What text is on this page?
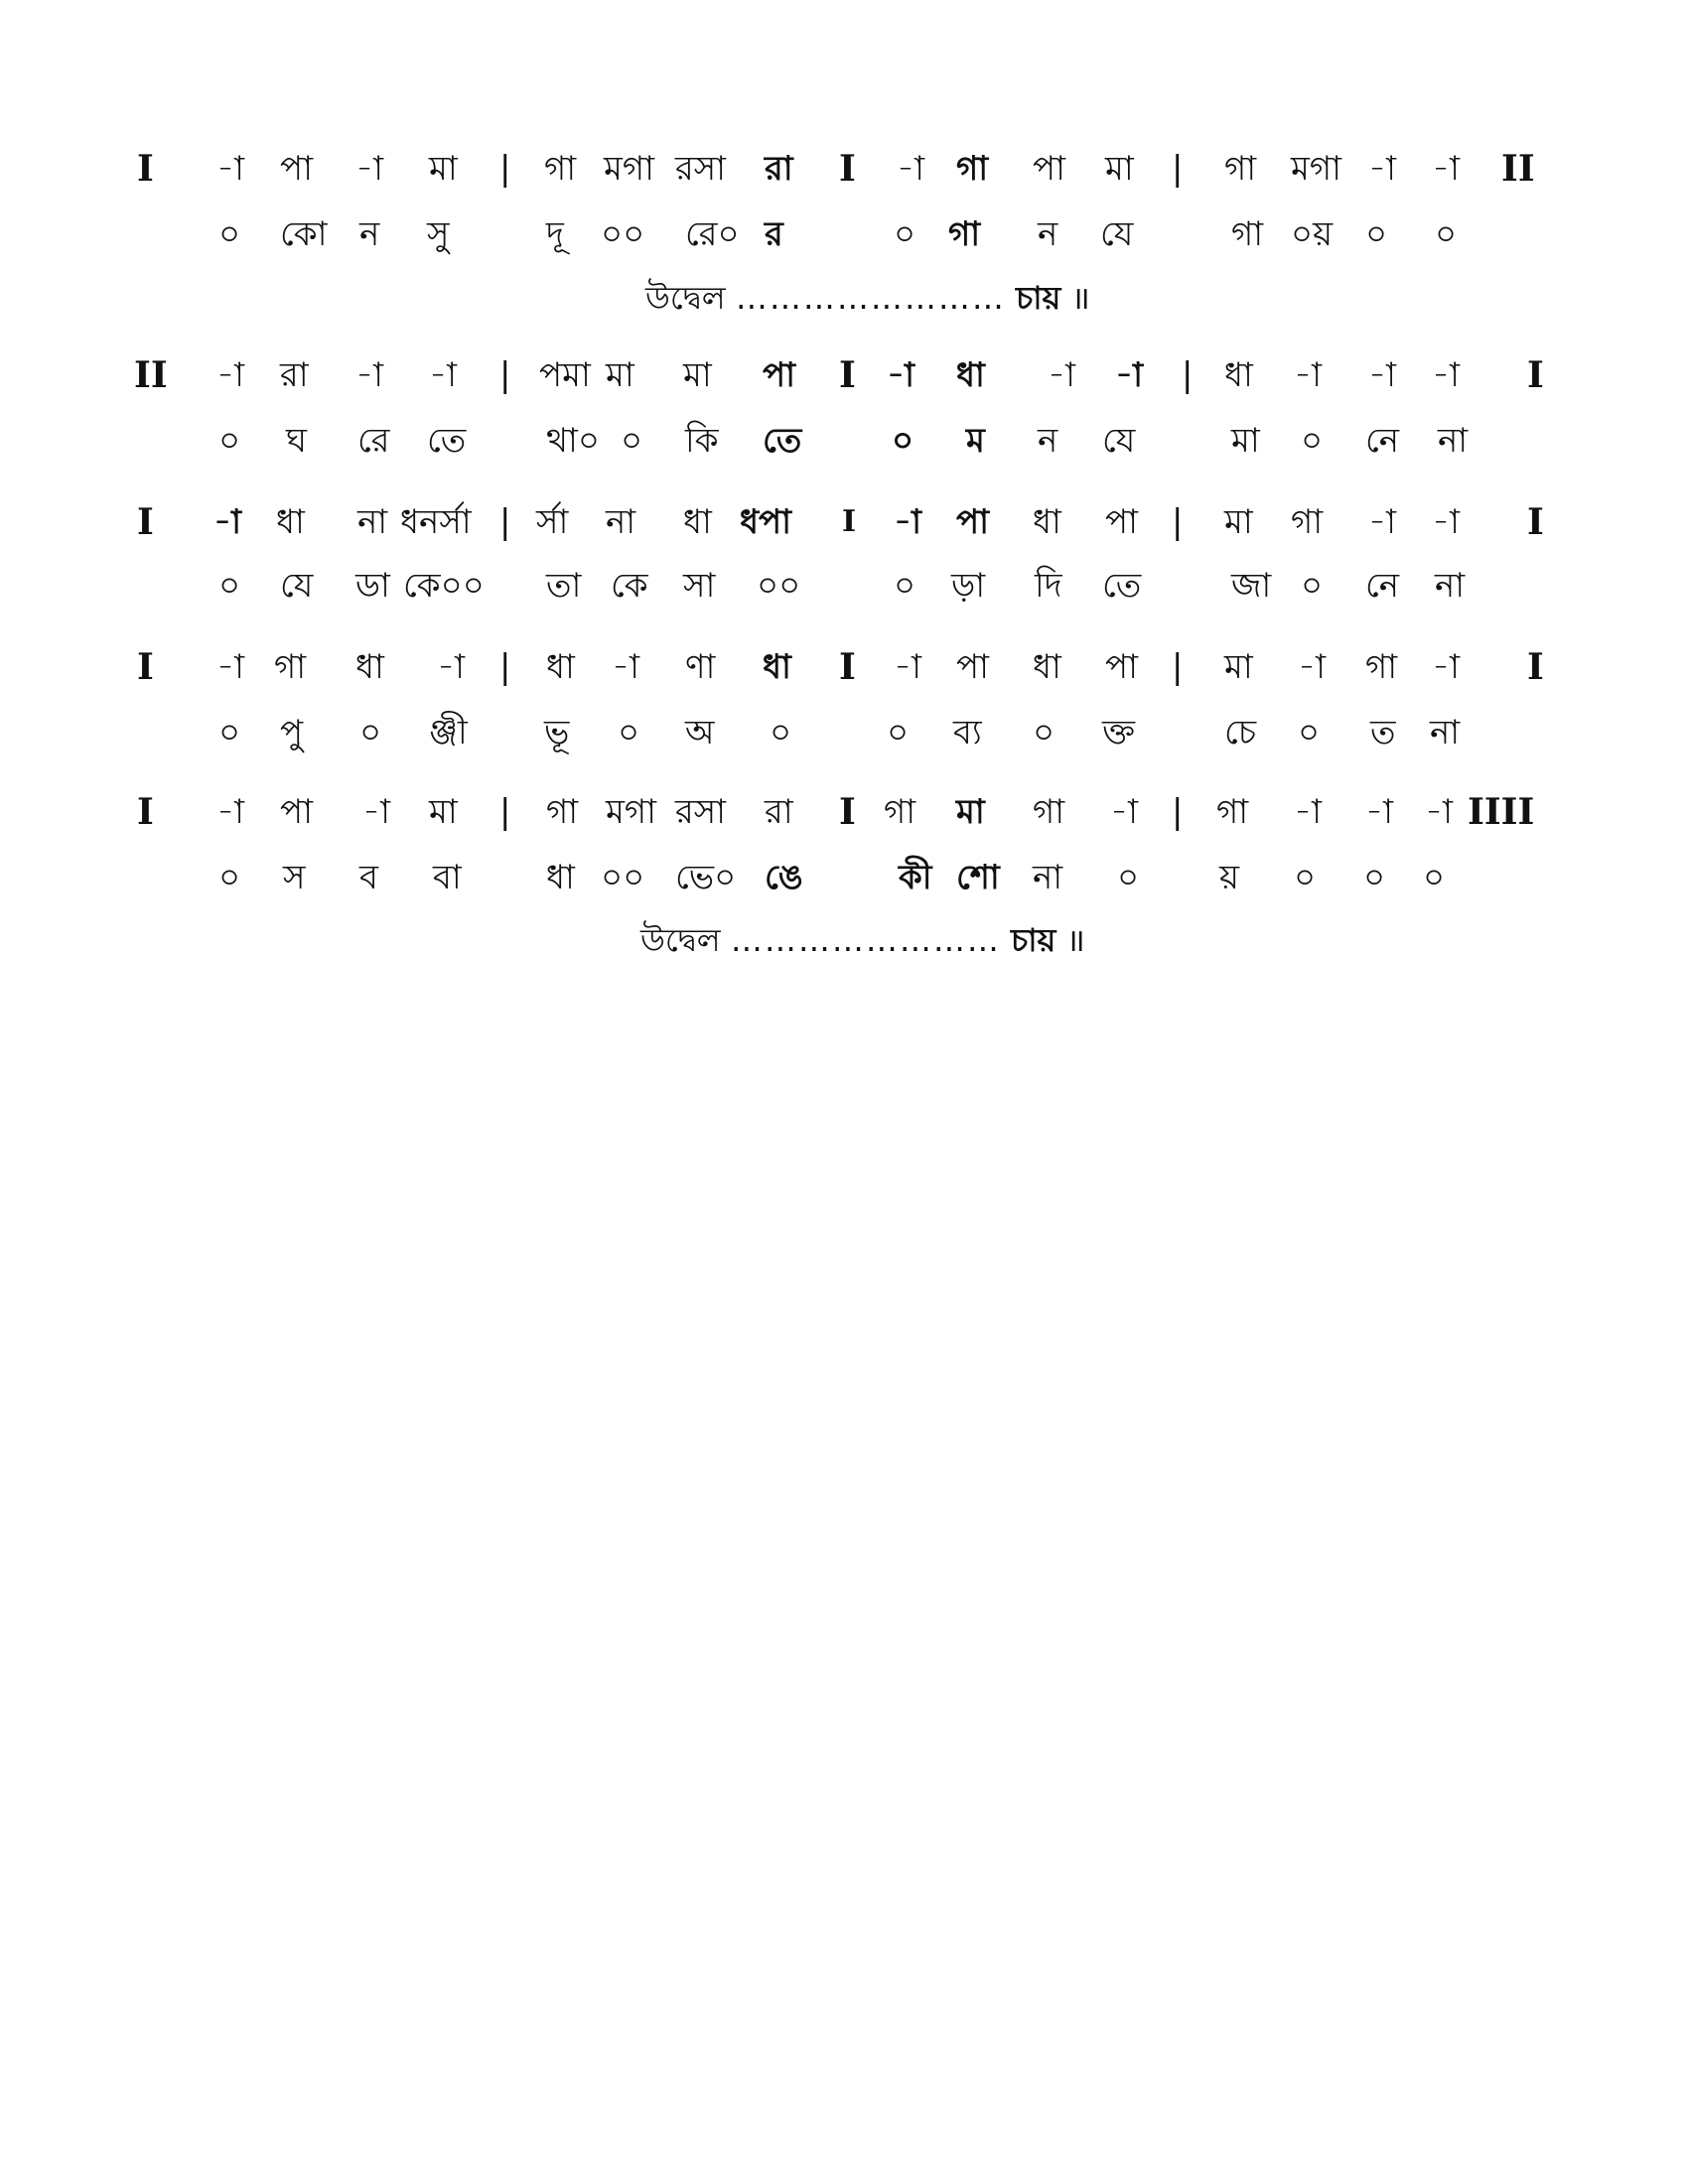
I -া পা -া মা | গা মগা রসা রা I -া গা পা মা | গা মগা -া -া II
০ কো ন সু	দূ ০০ রে০ র	০ গা ন যে	গা ০য় ০ ০
উদ্বেল …………………… চায় ॥
II -া রা -া -া | পমা মা মা পা I -া ধা -া -া | ধা -া -া -া I
০ ঘ রে তে থা০ ০ কি তে	০ ম ন যে	মা ০ নে না
I -া ধা না ধনর্সা | র্সা না ধা ধপা I -া পা ধা পা | মা গা -া -া I
০ যে ডা কে০০ তা কে সা ০০	০ ড়া দি তে	জা ০ নে না
I -া গা ধা -া | ধা -া ণা ধা I -া পা ধা পা | মা -া গা -া I
০ পু ০ ঞ্জী ভূ ০ অ ০	০ ব্য ০ ক্ত	চে ০ ত না
I -া পা -া মা | গা মগা রসা রা I গা মা গা -া | গা -া -া -া IIII
০ স ব বা	ধা ০০ ভে০ ঙে	কী শো না ০ য় ০ ০ ০
উদ্বেল …………………… চায় ॥
